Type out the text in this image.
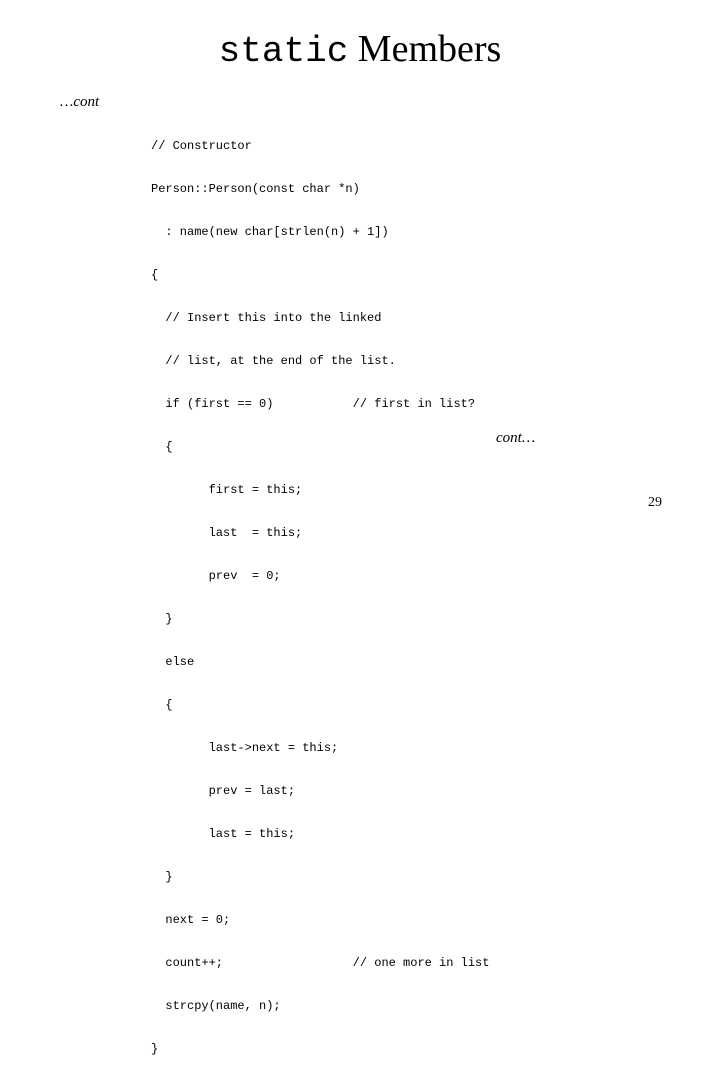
static Members
…cont

// Constructor

Person::Person(const char *n)

: name(new char[strlen(n) + 1])

{

// Insert this into the linked

// list, at the end of the list.

if (first == 0)           // first in list?

{

first = this;

last  = this;

prev  = 0;

}

else

{

last->next = this;

prev = last;

last = this;

}

next = 0;

count++;                  // one more in list

strcpy(name, n);

}

cont…
29
